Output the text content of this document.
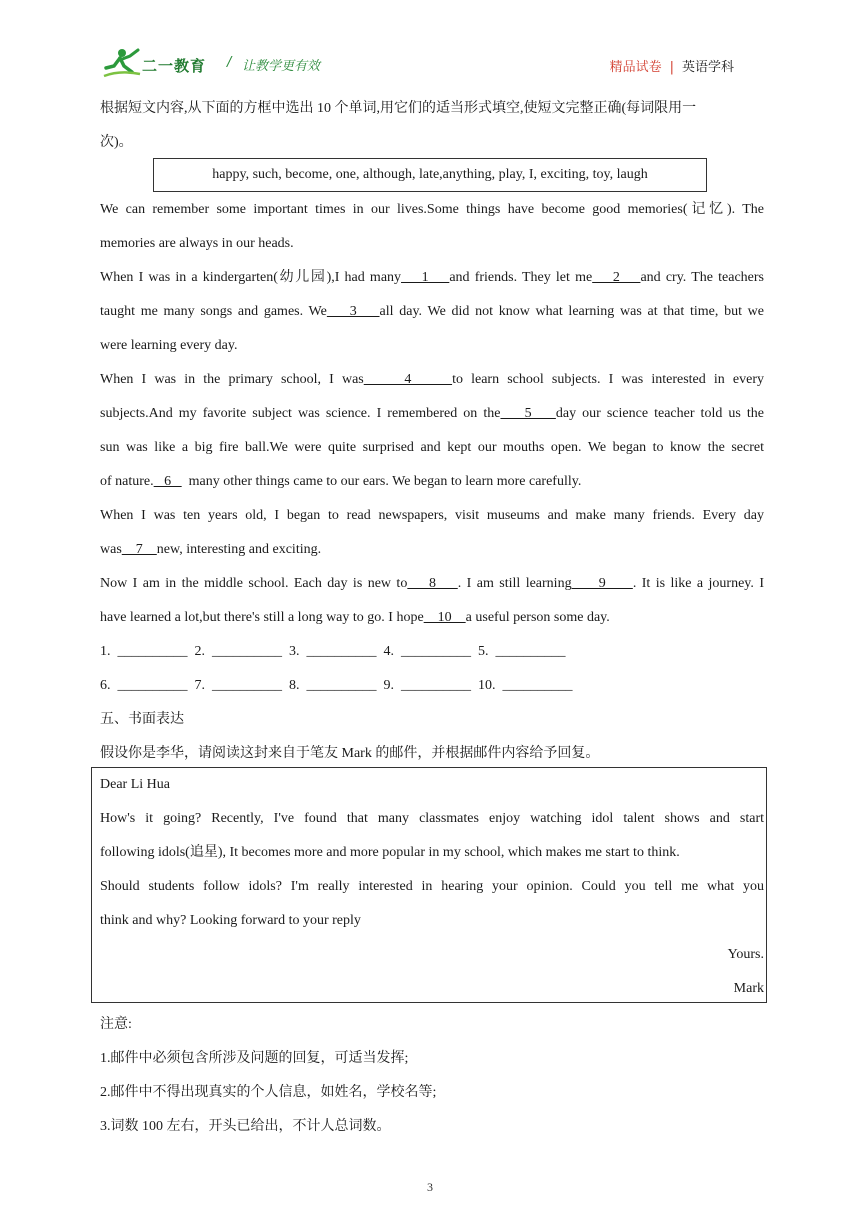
二一教育 / 让教学更有效	精品试卷 | 英语学科
根据短文内容,从下面的方框中选出 10 个单词,用它们的适当形式填空,使短文完整正确(每词限用一
次)。
happy, such, become, one, although, late,anything, play, I, exciting, toy, laugh
We can remember some important times in our lives.Some things have become good memories(记忆). The
memories are always in our heads.
When I was in a kindergarten(幼儿园),I had many    1    and friends. They let me    2    and cry. The teachers
taught me many songs and games. We    3    all day. We did not know what learning was at that time, but we
were learning every day.
When I was in the primary school, I was     4     to learn school subjects. I was interested in every
subjects.And my favorite subject was science. I remembered on the    5    day our science teacher told us the
sun was like a big fire ball.We were quite surprised and kept our mouths open. We began to know the secret
of nature.   6     many other things came to our ears. We began to learn more carefully.
When I was ten years old, I began to read newspapers, visit museums and make many friends. Every day
was    7    new, interesting and exciting.
Now I am in the middle school. Each day is new to    8    . I am still learning     9     . It is like a journey. I
have learned a lot,but there's still a long way to go. I hope    10    a useful person some day.
1.  __________  2.  __________  3.  __________  4.  __________  5.  __________
6.  __________  7.  __________  8.  __________  9.  __________  10.  __________
五、书面表达
假设你是李华，请阅读这封来自于笔友 Mark 的邮件，并根据邮件内容给予回复。
Dear Li Hua
How's it going? Recently, I've found that many classmates enjoy watching idol talent shows and start
following idols(追星), It becomes more and more popular in my school, which makes me start to think.
Should students follow idols? I'm really interested in hearing your opinion. Could you tell me what you
think and why? Looking forward to your reply
Yours.
Mark
注意:
1.邮件中必须包含所涉及问题的回复，可适当发挥;
2.邮件中不得出现真实的个人信息，如姓名，学校名等;
3.词数 100 左右，开头已给出，不计人总词数。
3
